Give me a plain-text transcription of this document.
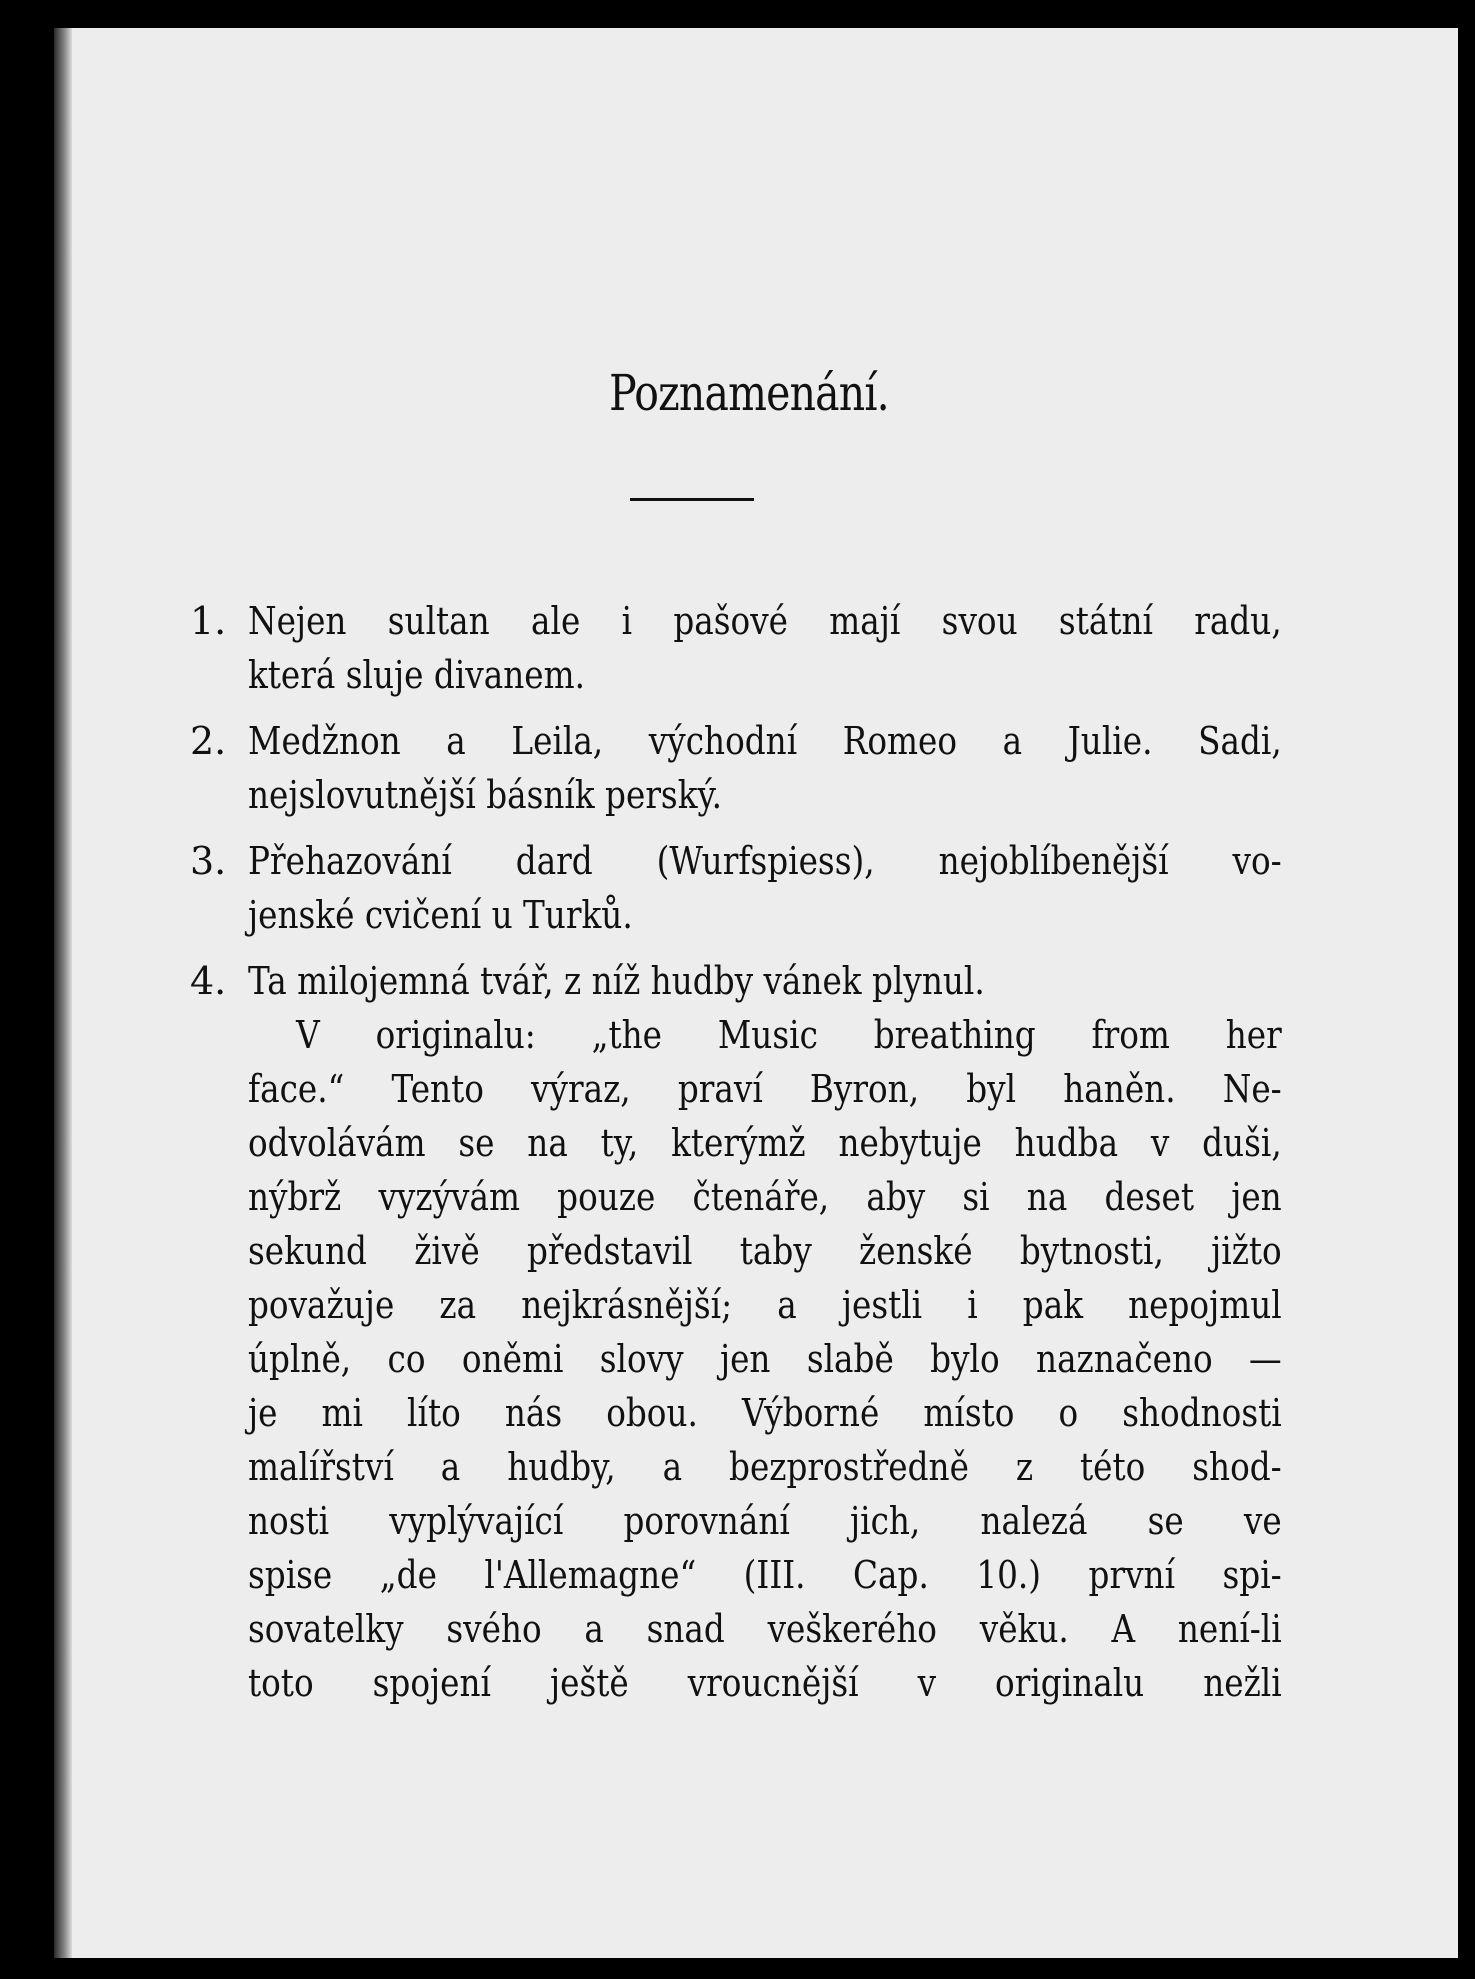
Poznamenání.
1. Nejen sultan ale i pašové mají svou státní radu,
která sluje divanem.
2. Medžnon a Leila, východní Romeo a Julie. Sadi,
nejslovutnější básník perský.
3. Přehazování dard (Wurfspiess), nejoblíbenější vo-
jenské cvičení u Turků.
4. Ta milojemná tvář, z níž hudby vánek plynul.
V originalu: „the Music breathing from her
face.“ Tento výraz, praví Byron, byl haněn. Ne-
odvolávám se na ty, kterýmž nebytuje hudba v duši,
nýbrž vyzývám pouze čtenáře, aby si na deset jen
sekund živě představil taby ženské bytnosti, jižto
považuje za nejkrásnější; a jestli i pak nepojmul
úplně, co oněmi slovy jen slabě bylo naznačeno —
je mi líto nás obou. Výborné místo o shodnosti
malířství a hudby, a bezprostředně z této shod-
nosti vyplývající porovnání jich, nalezá se ve
spise „de l'Allemagne“ (III. Cap. 10.) první spi-
sovatelky svého a snad veškerého věku. A není-li
toto spojení ještě vroucnější v originalu nežli
